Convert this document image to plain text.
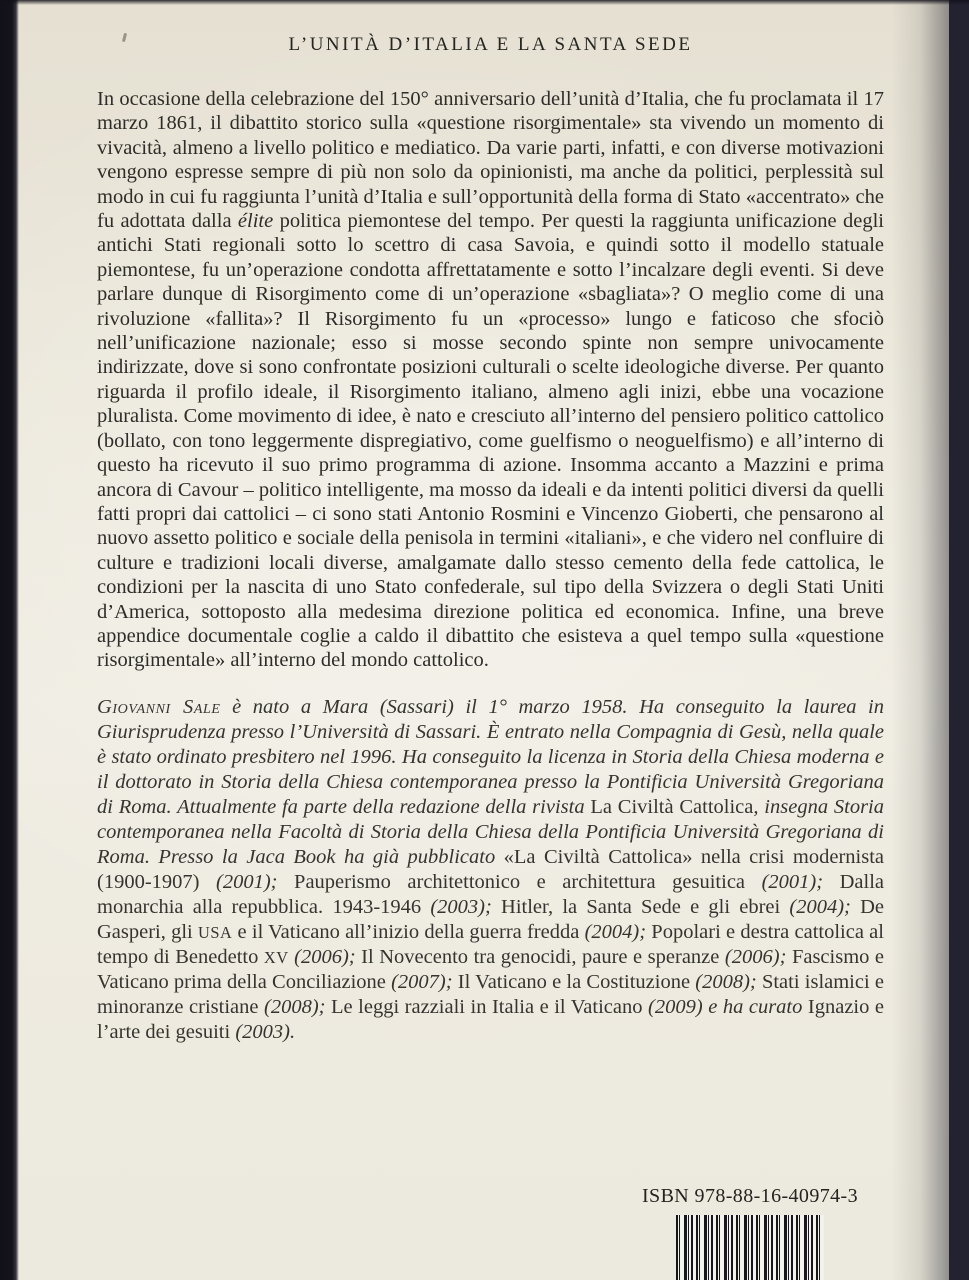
L’UNITÀ D’ITALIA E LA SANTA SEDE

In occasione della celebrazione del 150° anniversario dell’unità d’Italia, che fu proclamata il 17 marzo 1861, il dibattito storico sulla «questione risorgimentale» sta vivendo un momento di vivacità, almeno a livello politico e mediatico. Da varie parti, infatti, e con diverse motivazioni vengono espresse sempre di più non solo da opinionisti, ma anche da politici, perplessità sul modo in cui fu raggiunta l’unità d’Italia e sull’opportunità della forma di Stato «accentrato» che fu adottata dalla élite politica piemontese del tempo. Per questi la raggiunta unificazione degli antichi Stati regionali sotto lo scettro di casa Savoia, e quindi sotto il modello statuale piemontese, fu un’operazione condotta affrettatamente e sotto l’incalzare degli eventi. Si deve parlare dunque di Risorgimento come di un’operazione «sbagliata»? O meglio come di una rivoluzione «fallita»? Il Risorgimento fu un «processo» lungo e faticoso che sfociò nell’unificazione nazionale; esso si mosse secondo spinte non sempre univocamente indirizzate, dove si sono confrontate posizioni culturali o scelte ideologiche diverse. Per quanto riguarda il profilo ideale, il Risorgimento italiano, almeno agli inizi, ebbe una vocazione pluralista. Come movimento di idee, è nato e cresciuto all’interno del pensiero politico cattolico (bollato, con tono leggermente dispregiativo, come guelfismo o neoguelfismo) e all’interno di questo ha ricevuto il suo primo programma di azione. Insomma accanto a Mazzini e prima ancora di Cavour – politico intelligente, ma mosso da ideali e da intenti politici diversi da quelli fatti propri dai cattolici – ci sono stati Antonio Rosmini e Vincenzo Gioberti, che pensarono al nuovo assetto politico e sociale della penisola in termini «italiani», e che videro nel confluire di culture e tradizioni locali diverse, amalgamate dallo stesso cemento della fede cattolica, le condizioni per la nascita di uno Stato confederale, sul tipo della Svizzera o degli Stati Uniti d’America, sottoposto alla medesima direzione politica ed economica. Infine, una breve appendice documentale coglie a caldo il dibattito che esisteva a quel tempo sulla «questione risorgimentale» all’interno del mondo cattolico.

Giovanni Sale è nato a Mara (Sassari) il 1° marzo 1958. Ha conseguito la laurea in Giurisprudenza presso l’Università di Sassari. È entrato nella Compagnia di Gesù, nella quale è stato ordinato presbitero nel 1996. Ha conseguito la licenza in Storia della Chiesa moderna e il dottorato in Storia della Chiesa contemporanea presso la Pontificia Università Gregoriana di Roma. Attualmente fa parte della redazione della rivista La Civiltà Cattolica, insegna Storia contemporanea nella Facoltà di Storia della Chiesa della Pontificia Università Gregoriana di Roma. Presso la Jaca Book ha già pubblicato «La Civiltà Cattolica» nella crisi modernista (1900-1907) (2001); Pauperismo architettonico e architettura gesuitica (2001); Dalla monarchia alla repubblica. 1943-1946 (2003); Hitler, la Santa Sede e gli ebrei (2004); De Gasperi, gli USA e il Vaticano all’inizio della guerra fredda (2004); Popolari e destra cattolica al tempo di Benedetto XV (2006); Il Novecento tra genocidi, paure e speranze (2006); Fascismo e Vaticano prima della Conciliazione (2007); Il Vaticano e la Costituzione (2008); Stati islamici e minoranze cristiane (2008); Le leggi razziali in Italia e il Vaticano (2009) e ha curato Ignazio e l’arte dei gesuiti (2003).

ISBN 978-88-16-40974-3
